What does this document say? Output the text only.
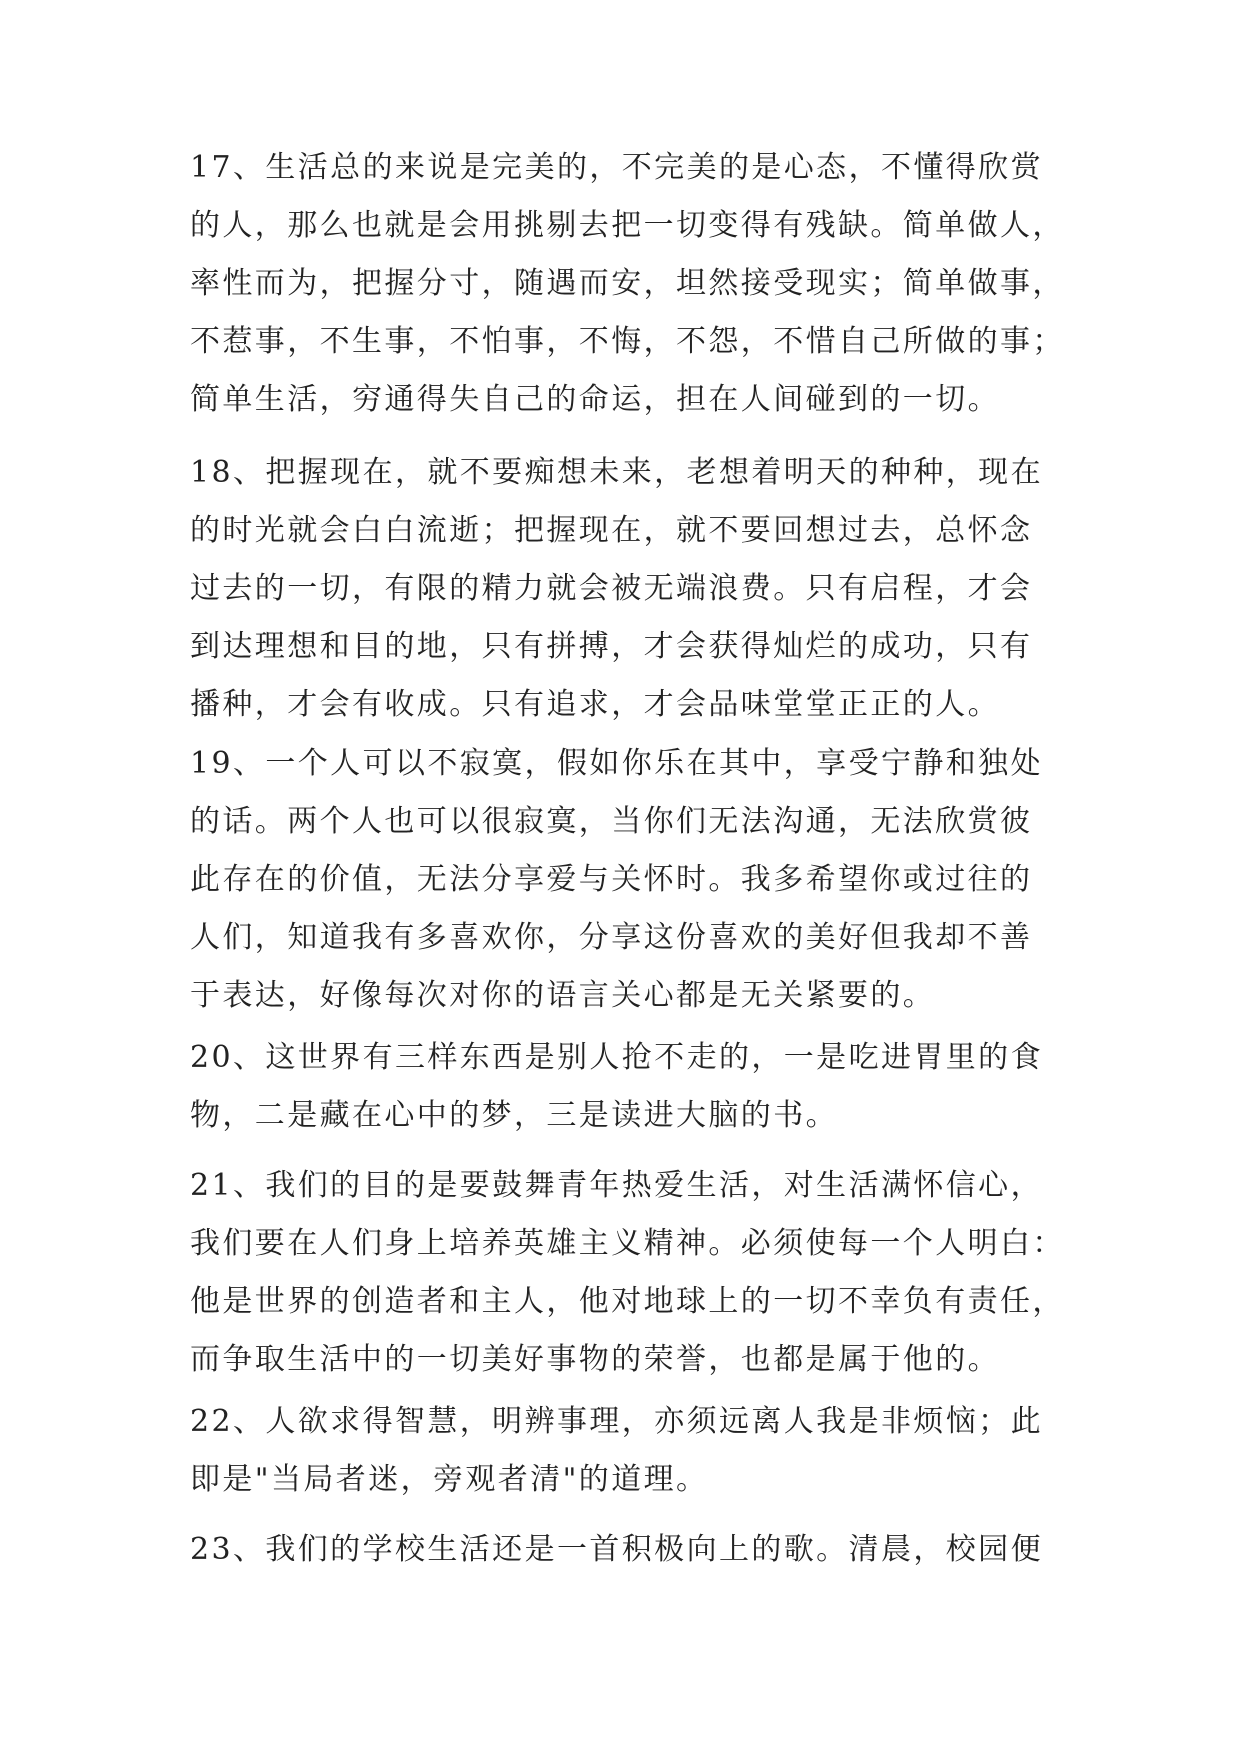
17、生活总的来说是完美的，不完美的是心态，不懂得欣赏

的人，那么也就是会用挑剔去把一切变得有残缺。简单做人，

率性而为，把握分寸，随遇而安，坦然接受现实；简单做事，

不惹事，不生事，不怕事，不悔，不怨，不惜自己所做的事；

简单生活，穷通得失自己的命运，担在人间碰到的一切。

18、把握现在，就不要痴想未来，老想着明天的种种，现在

的时光就会白白流逝；把握现在，就不要回想过去，总怀念

过去的一切，有限的精力就会被无端浪费。只有启程，才会

到达理想和目的地，只有拼搏，才会获得灿烂的成功，只有

播种，才会有收成。只有追求，才会品味堂堂正正的人。

19、一个人可以不寂寞，假如你乐在其中，享受宁静和独处

的话。两个人也可以很寂寞，当你们无法沟通，无法欣赏彼

此存在的价值，无法分享爱与关怀时。我多希望你或过往的

人们，知道我有多喜欢你，分享这份喜欢的美好但我却不善

于表达，好像每次对你的语言关心都是无关紧要的。

20、这世界有三样东西是别人抢不走的，一是吃进胃里的食

物，二是藏在心中的梦，三是读进大脑的书。

21、我们的目的是要鼓舞青年热爱生活，对生活满怀信心，

我们要在人们身上培养英雄主义精神。必须使每一个人明白：

他是世界的创造者和主人，他对地球上的一切不幸负有责任，

而争取生活中的一切美好事物的荣誉，也都是属于他的。

22、人欲求得智慧，明辨事理，亦须远离人我是非烦恼；此

即是"当局者迷，旁观者清"的道理。

23、我们的学校生活还是一首积极向上的歌。清晨，校园便
